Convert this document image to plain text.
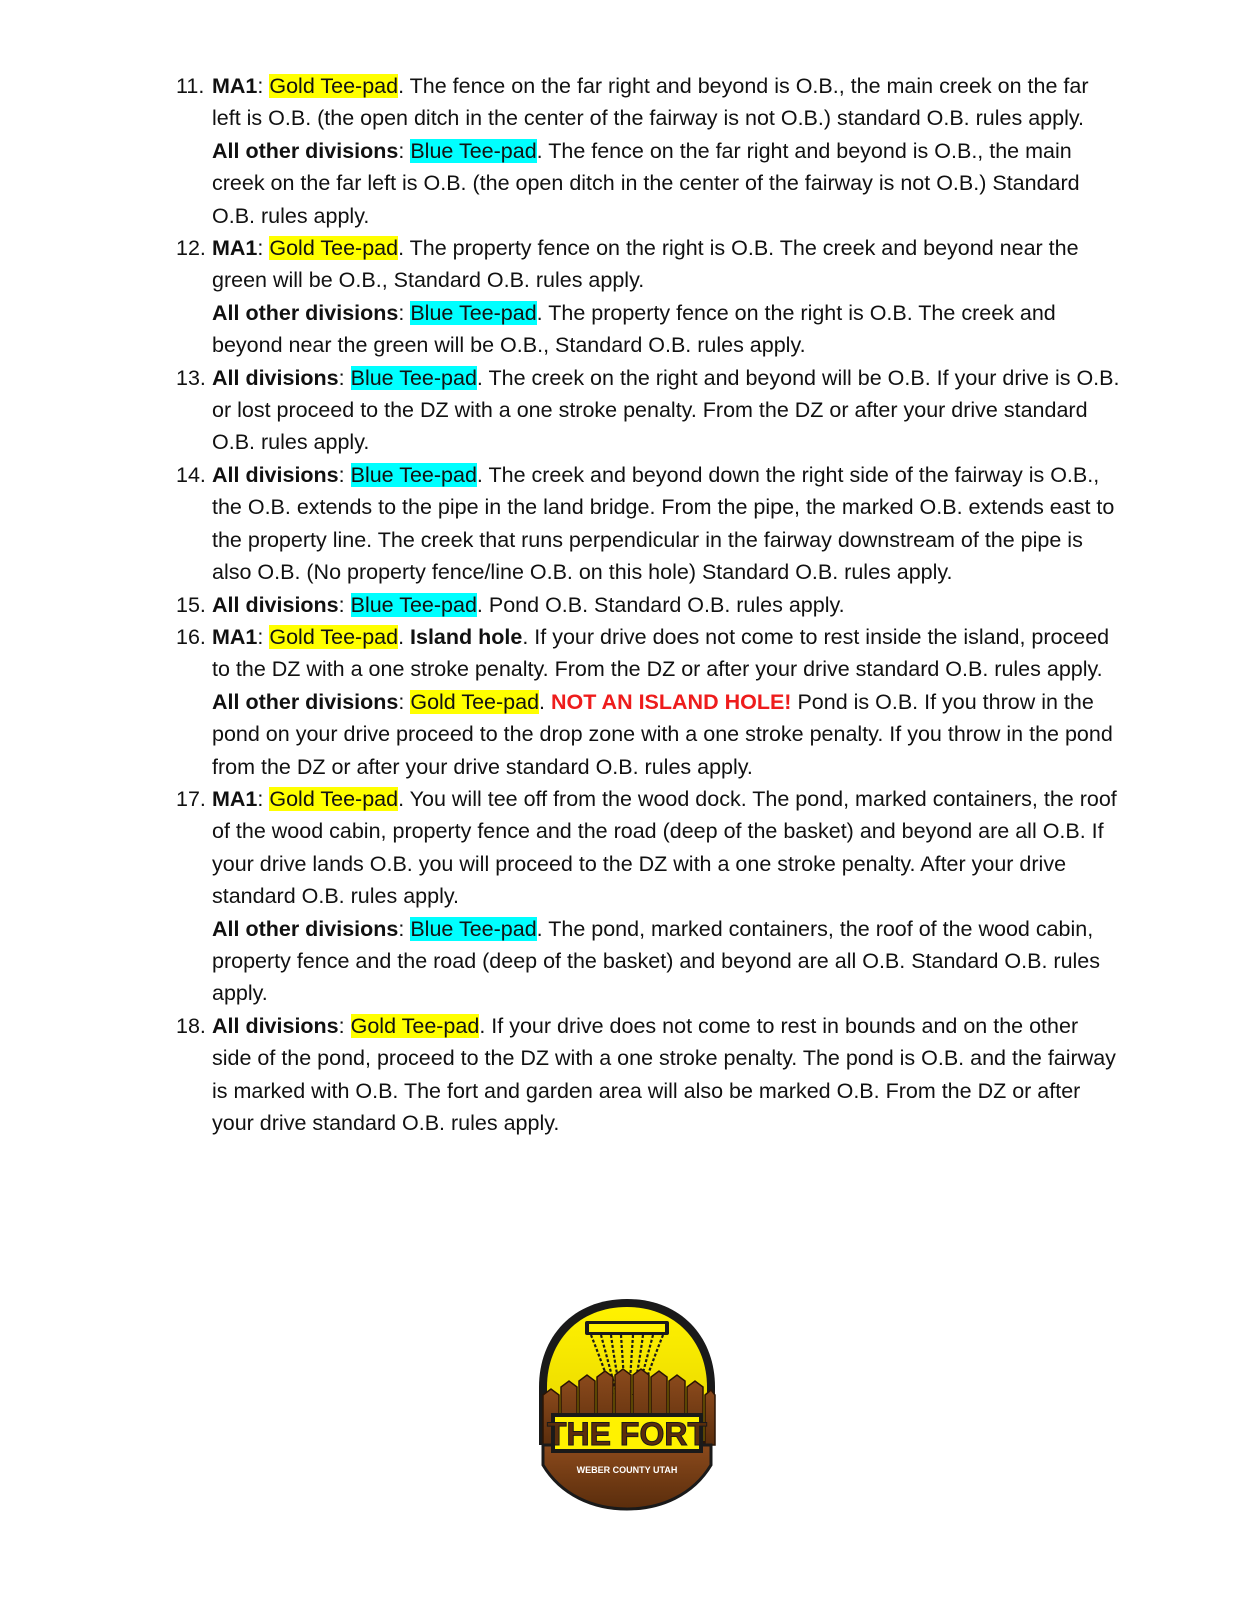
11. MA1: Gold Tee-pad. The fence on the far right and beyond is O.B., the main creek on the far left is O.B. (the open ditch in the center of the fairway is not O.B.) standard O.B. rules apply.
All other divisions: Blue Tee-pad. The fence on the far right and beyond is O.B., the main creek on the far left is O.B. (the open ditch in the center of the fairway is not O.B.) Standard O.B. rules apply.
12. MA1: Gold Tee-pad. The property fence on the right is O.B. The creek and beyond near the green will be O.B., Standard O.B. rules apply.
All other divisions: Blue Tee-pad. The property fence on the right is O.B. The creek and beyond near the green will be O.B., Standard O.B. rules apply.
13. All divisions: Blue Tee-pad. The creek on the right and beyond will be O.B. If your drive is O.B. or lost proceed to the DZ with a one stroke penalty. From the DZ or after your drive standard O.B. rules apply.
14. All divisions: Blue Tee-pad. The creek and beyond down the right side of the fairway is O.B., the O.B. extends to the pipe in the land bridge. From the pipe, the marked O.B. extends east to the property line. The creek that runs perpendicular in the fairway downstream of the pipe is also O.B. (No property fence/line O.B. on this hole) Standard O.B. rules apply.
15. All divisions: Blue Tee-pad. Pond O.B. Standard O.B. rules apply.
16. MA1: Gold Tee-pad. Island hole. If your drive does not come to rest inside the island, proceed to the DZ with a one stroke penalty. From the DZ or after your drive standard O.B. rules apply.
All other divisions: Gold Tee-pad. NOT AN ISLAND HOLE! Pond is O.B. If you throw in the pond on your drive proceed to the drop zone with a one stroke penalty. If you throw in the pond from the DZ or after your drive standard O.B. rules apply.
17. MA1: Gold Tee-pad. You will tee off from the wood dock. The pond, marked containers, the roof of the wood cabin, property fence and the road (deep of the basket) and beyond are all O.B. If your drive lands O.B. you will proceed to the DZ with a one stroke penalty. After your drive standard O.B. rules apply.
All other divisions: Blue Tee-pad. The pond, marked containers, the roof of the wood cabin, property fence and the road (deep of the basket) and beyond are all O.B. Standard O.B. rules apply.
18. All divisions: Gold Tee-pad. If your drive does not come to rest in bounds and on the other side of the pond, proceed to the DZ with a one stroke penalty. The pond is O.B. and the fairway is marked with O.B. The fort and garden area will also be marked O.B. From the DZ or after your drive standard O.B. rules apply.
THE FORT
WEBER COUNTY UTAH
